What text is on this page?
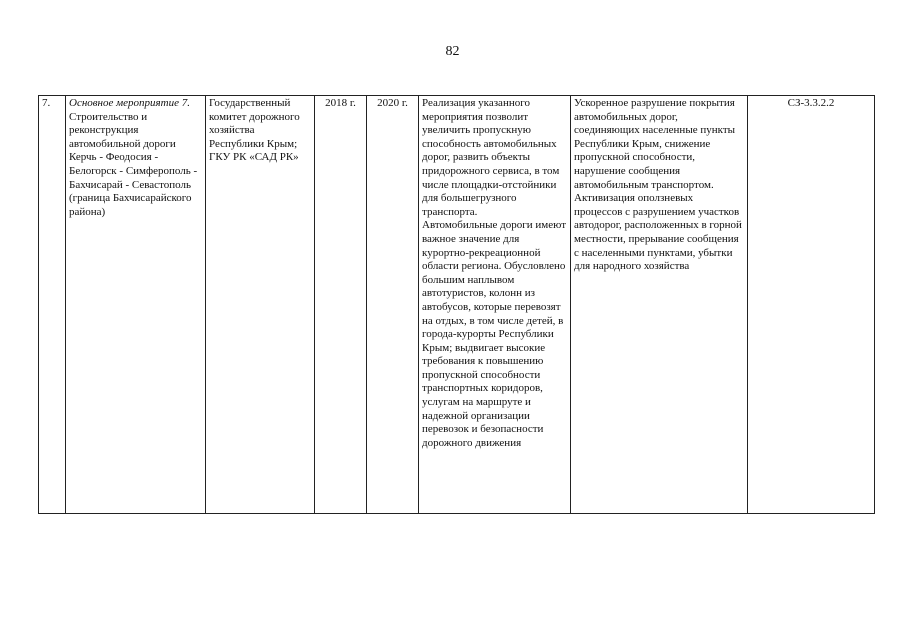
82
7.	Основное мероприятие 7.
Строительство и реконструкция автомобильной дороги Керчь - Феодосия - Белогорск - Симферополь - Бахчисарай - Севастополь (граница Бахчисарайского района)
	Государственный комитет дорожного хозяйства Республики Крым; ГКУ РК «САД РК»	2018 г.	2020 г.	Реализация указанного мероприятия позволит увеличить пропускную способность автомобильных дорог, развить объекты придорожного сервиса, в том числе площадки-отстойники для большегрузного транспорта.
Автомобильные дороги имеют важное значение для курортно-рекреационной области региона. Обусловлено большим наплывом автотуристов, колонн из автобусов, которые перевозят на отдых, в том числе детей, в города-курорты Республики Крым; выдвигает высокие требования к повышению пропускной способности транспортных коридоров, услугам на маршруте и надежной организации перевозок и безопасности дорожного движения
	Ускоренное разрушение покрытия автомобильных дорог, соединяющих населенные пункты Республики Крым, снижение пропускной способности, нарушение сообщения автомобильным транспортом. Активизация оползневых процессов с разрушением участков автодорог, расположенных в горной местности, прерывание сообщения с населенными пунктами, убытки для народного хозяйства	СЗ-3.3.2.2
